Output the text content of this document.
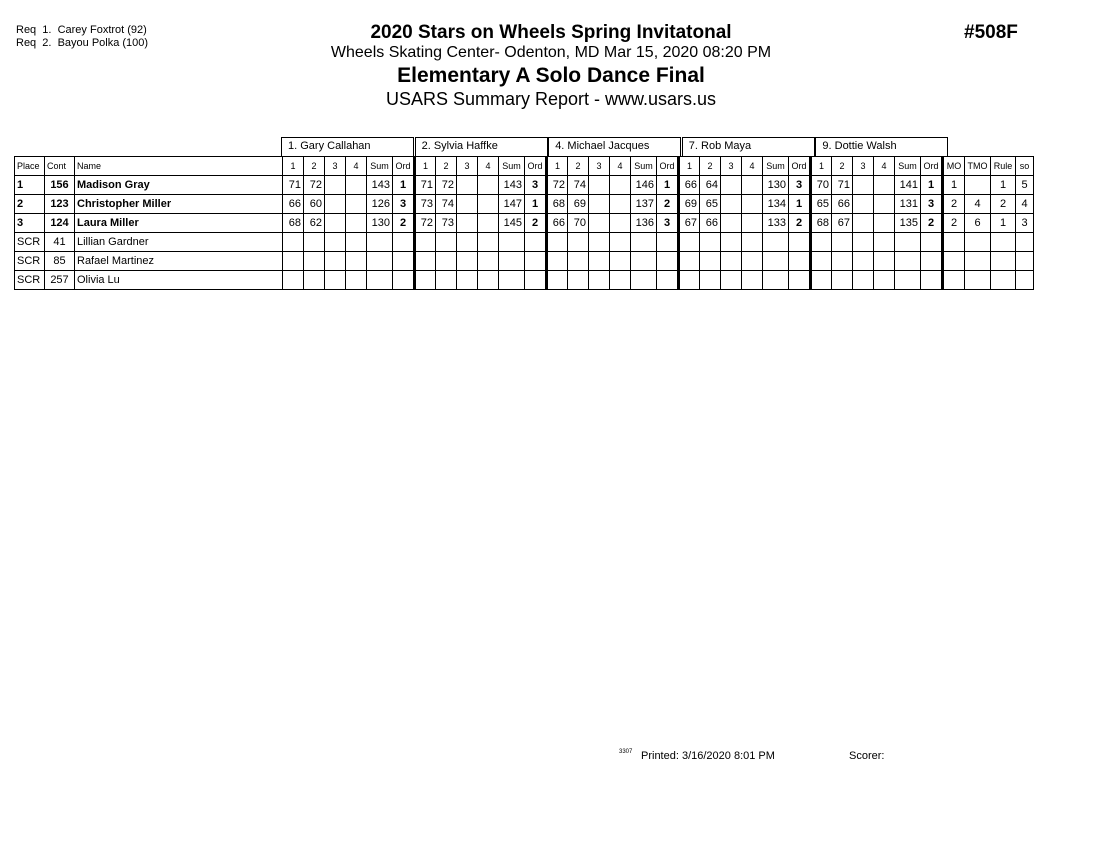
Req  1.  Carey Foxtrot (92)
Req  2.  Bayou Polka (100)	2020 Stars on Wheels Spring Invitatonal
Wheels Skating Center- Odenton, MD Mar 15, 2020 08:20 PM
Elementary A Solo Dance Final
USARS Summary Report - www.usars.us
#508F
1. Gary Callahan	2. Sylvia Haffke	4. Michael Jacques	7. Rob Maya	9. Dottie Walsh
Place	Cont	Name	1	2	3	4	Sum	Ord	1	2	3	4	Sum	Ord	1	2	3	4	Sum	Ord	1	2	3	4	Sum	Ord	1	2	3	4	Sum	Ord	MO	TMO	Rule	so
1	156	Madison Gray	71	72			143	1	71	72			143	3	72	74			146	1	66	64			130	3	70	71			141	1	1		1	5
2	123	Christopher Miller	66	60			126	3	73	74			147	1	68	69			137	2	69	65			134	1	65	66			131	3	2	4	2	4
3	124	Laura Miller	68	62			130	2	72	73			145	2	66	70			136	3	67	66			133	2	68	67			135	2	2	6	1	3
SCR	41	Lillian Gardner																																		
SCR	85	Rafael Martinez																																		
SCR	257	Olivia Lu																																		
3307 Printed: 3/16/2020 8:01 PM	Scorer:
